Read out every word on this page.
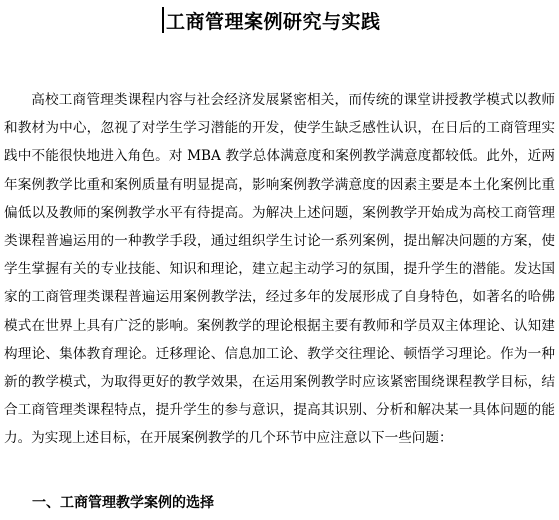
工商管理案例研究与实践

高校工商管理类课程内容与社会经济发展紧密相关，而传统的课堂讲授教学模式以教师和教材为中心，忽视了对学生学习潜能的开发，使学生缺乏感性认识，在日后的工商管理实践中不能很快地进入角色。对 MBA 教学总体满意度和案例教学满意度都较低。此外，近两年案例教学比重和案例质量有明显提高，影响案例教学满意度的因素主要是本土化案例比重偏低以及教师的案例教学水平有待提高。为解决上述问题，案例教学开始成为高校工商管理类课程普遍运用的一种教学手段，通过组织学生讨论一系列案例，提出解决问题的方案，使学生掌握有关的专业技能、知识和理论，建立起主动学习的氛围，提升学生的潜能。发达国家的工商管理类课程普遍运用案例教学法，经过多年的发展形成了自身特色，如著名的哈佛模式在世界上具有广泛的影响。案例教学的理论根据主要有教师和学员双主体理论、认知建构理论、集体教育理论。迁移理论、信息加工论、教学交往理论、顿悟学习理论。作为一种新的教学模式，为取得更好的教学效果，在运用案例教学时应该紧密围绕课程教学目标，结合工商管理类课程特点，提升学生的参与意识，提高其识别、分析和解决某一具体问题的能力。为实现上述目标，在开展案例教学的几个环节中应注意以下一些问题：

一、工商管理教学案例的选择
